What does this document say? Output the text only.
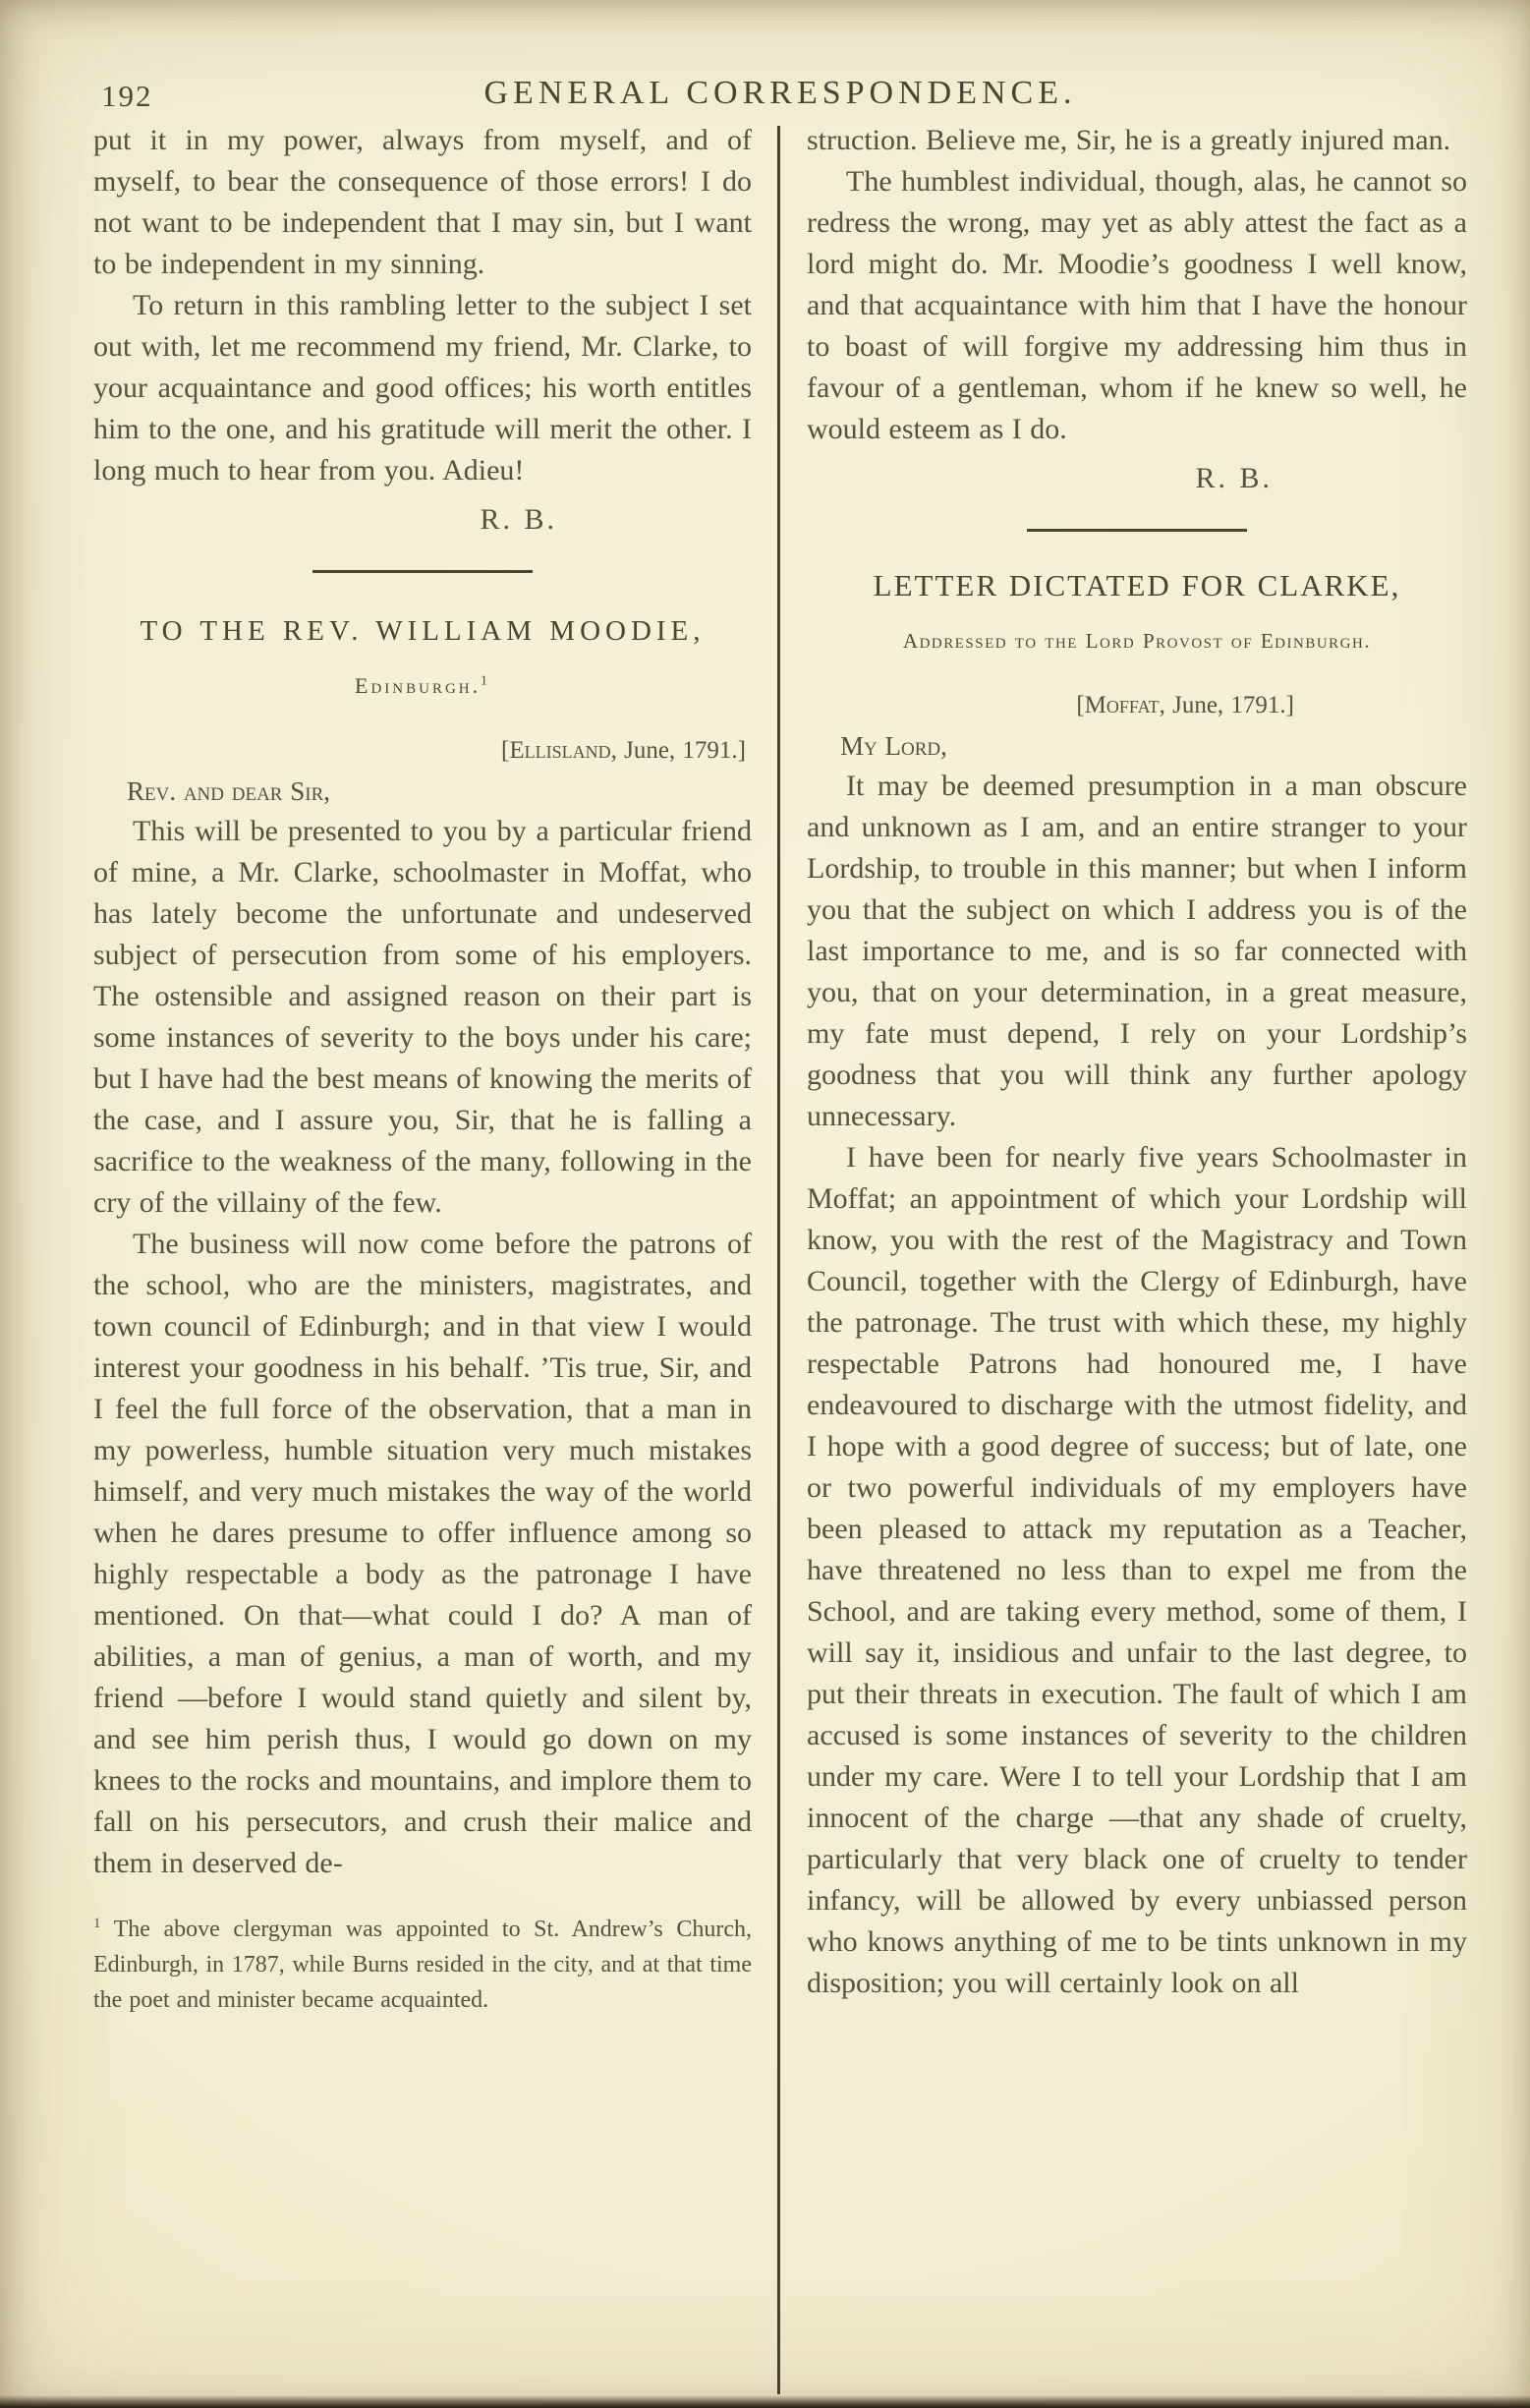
192	GENERAL CORRESPONDENCE.

put it in my power, always from myself, and of myself, to bear the consequence of those errors! I do not want to be independent that I may sin, but I want to be independent in my sinning.

To return in this rambling letter to the subject I set out with, let me recommend my friend, Mr. Clarke, to your acquaintance and good offices; his worth entitles him to the one, and his gratitude will merit the other. I long much to hear from you. Adieu!

R. B.
TO THE REV. WILLIAM MOODIE,
Edinburgh.$^1$
[Ellisland, June, 1791.]
Rev. and dear Sir,

This will be presented to you by a particular friend of mine, a Mr. Clarke, schoolmaster in Moffat, who has lately become the unfortunate and undeserved subject of persecution from some of his employers. The ostensible and assigned reason on their part is some instances of severity to the boys under his care; but I have had the best means of knowing the merits of the case, and I assure you, Sir, that he is falling a sacrifice to the weakness of the many, following in the cry of the villainy of the few.

The business will now come before the patrons of the school, who are the ministers, magistrates, and town council of Edinburgh; and in that view I would interest your goodness in his behalf. ’Tis true, Sir, and I feel the full force of the observation, that a man in my powerless, humble situation very much mistakes himself, and very much mistakes the way of the world when he dares presume to offer influence among so highly respectable a body as the patronage I have mentioned. On that—what could I do? A man of abilities, a man of genius, a man of worth, and my friend —before I would stand quietly and silent by, and see him perish thus, I would go down on my knees to the rocks and mountains, and implore them to fall on his persecutors, and crush their malice and them in deserved de-

$^1$ The above clergyman was appointed to St. Andrew’s Church, Edinburgh, in 1787, while Burns resided in the city, and at that time the poet and minister became acquainted.

struction. Believe me, Sir, he is a greatly injured man.

The humblest individual, though, alas, he cannot so redress the wrong, may yet as ably attest the fact as a lord might do. Mr. Moodie’s goodness I well know, and that acquaintance with him that I have the honour to boast of will forgive my addressing him thus in favour of a gentleman, whom if he knew so well, he would esteem as I do.

R. B.
LETTER DICTATED FOR CLARKE,
Addressed to the Lord Provost of Edinburgh.
[Moffat, June, 1791.]
My Lord,

It may be deemed presumption in a man obscure and unknown as I am, and an entire stranger to your Lordship, to trouble in this manner; but when I inform you that the subject on which I address you is of the last importance to me, and is so far connected with you, that on your determination, in a great measure, my fate must depend, I rely on your Lordship’s goodness that you will think any further apology unnecessary.

I have been for nearly five years Schoolmaster in Moffat; an appointment of which your Lordship will know, you with the rest of the Magistracy and Town Council, together with the Clergy of Edinburgh, have the patronage. The trust with which these, my highly respectable Patrons had honoured me, I have endeavoured to discharge with the utmost fidelity, and I hope with a good degree of success; but of late, one or two powerful individuals of my employers have been pleased to attack my reputation as a Teacher, have threatened no less than to expel me from the School, and are taking every method, some of them, I will say it, insidious and unfair to the last degree, to put their threats in execution. The fault of which I am accused is some instances of severity to the children under my care. Were I to tell your Lordship that I am innocent of the charge —that any shade of cruelty, particularly that very black one of cruelty to tender infancy, will be allowed by every unbiassed person who knows anything of me to be tints unknown in my disposition; you will certainly look on all
